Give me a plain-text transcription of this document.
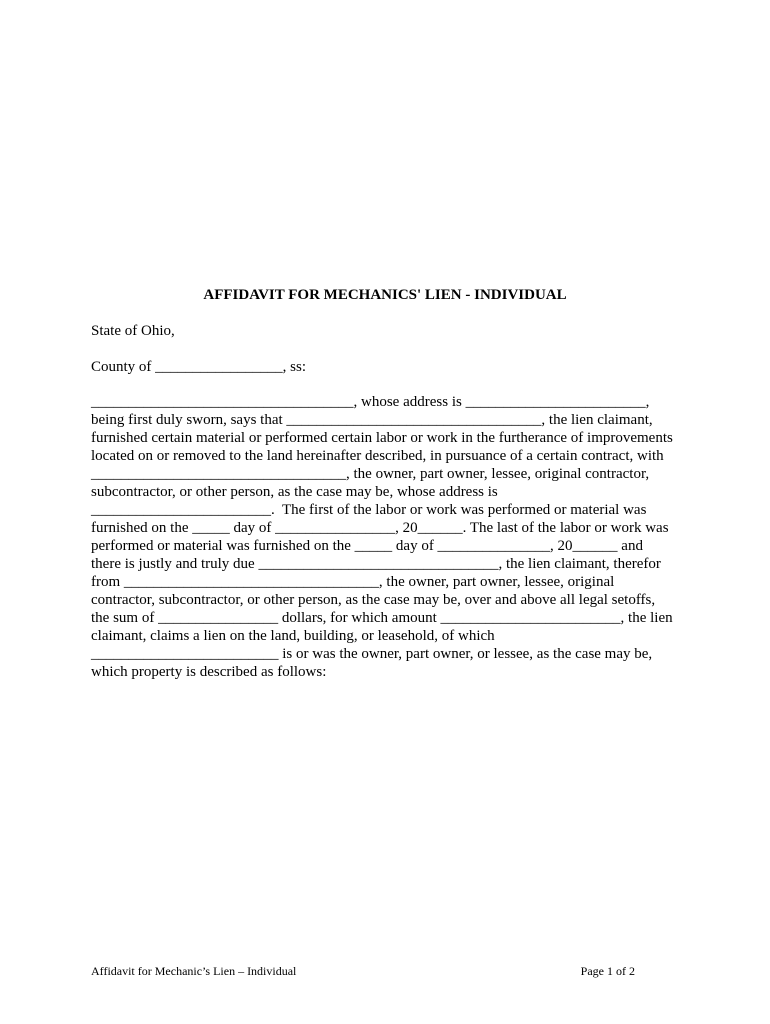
AFFIDAVIT FOR MECHANICS' LIEN - INDIVIDUAL
State of Ohio,
County of _________________, ss:
___________________________________, whose address is ________________________,
being first duly sworn, says that __________________________________, the lien claimant,
furnished certain material or performed certain labor or work in the furtherance of improvements
located on or removed to the land hereinafter described, in pursuance of a certain contract, with
__________________________________, the owner, part owner, lessee, original contractor,
subcontractor, or other person, as the case may be, whose address is
________________________.  The first of the labor or work was performed or material was
furnished on the _____ day of ________________, 20______. The last of the labor or work was
performed or material was furnished on the _____ day of _______________, 20______ and
there is justly and truly due ________________________________, the lien claimant, therefor
from __________________________________, the owner, part owner, lessee, original
contractor, subcontractor, or other person, as the case may be, over and above all legal setoffs,
the sum of ________________ dollars, for which amount ________________________, the lien
claimant, claims a lien on the land, building, or leasehold, of which
_________________________ is or was the owner, part owner, or lessee, as the case may be,
which property is described as follows:
Affidavit for Mechanic’s Lien – Individual	Page 1 of 2
